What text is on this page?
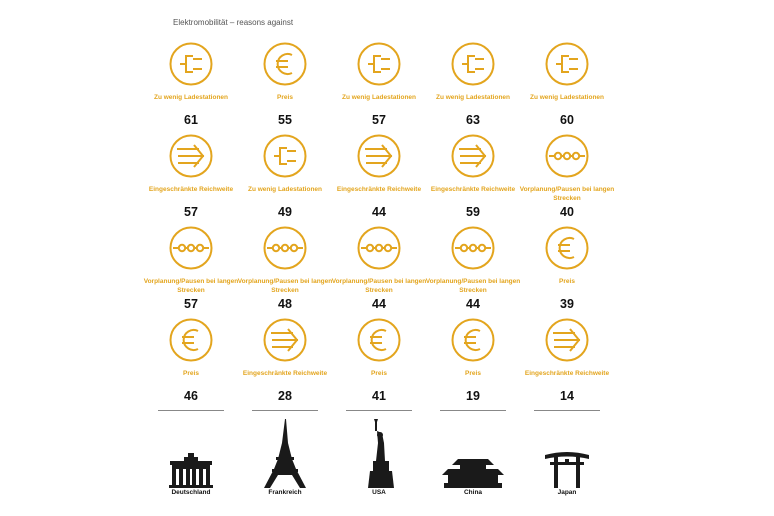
Elektromobilität – reasons against
Zu wenig Ladestationen
61
Eingeschränkte Reichweite
57
Vorplanung/Pausen bei langen Strecken
57
Preis
46
Deutschland
Preis
55
Zu wenig Ladestationen
49
Vorplanung/Pausen bei langen Strecken
48
Eingeschränkte Reichweite
28
Frankreich
Zu wenig Ladestationen
57
Eingeschränkte Reichweite
44
Vorplanung/Pausen bei langen Strecken
44
Preis
41
USA
Zu wenig Ladestationen
63
Eingeschränkte Reichweite
59
Vorplanung/Pausen bei langen Strecken
44
Preis
19
China
Zu wenig Ladestationen
60
Vorplanung/Pausen bei langen Strecken
40
Preis
39
Eingeschränkte Reichweite
14
Japan
